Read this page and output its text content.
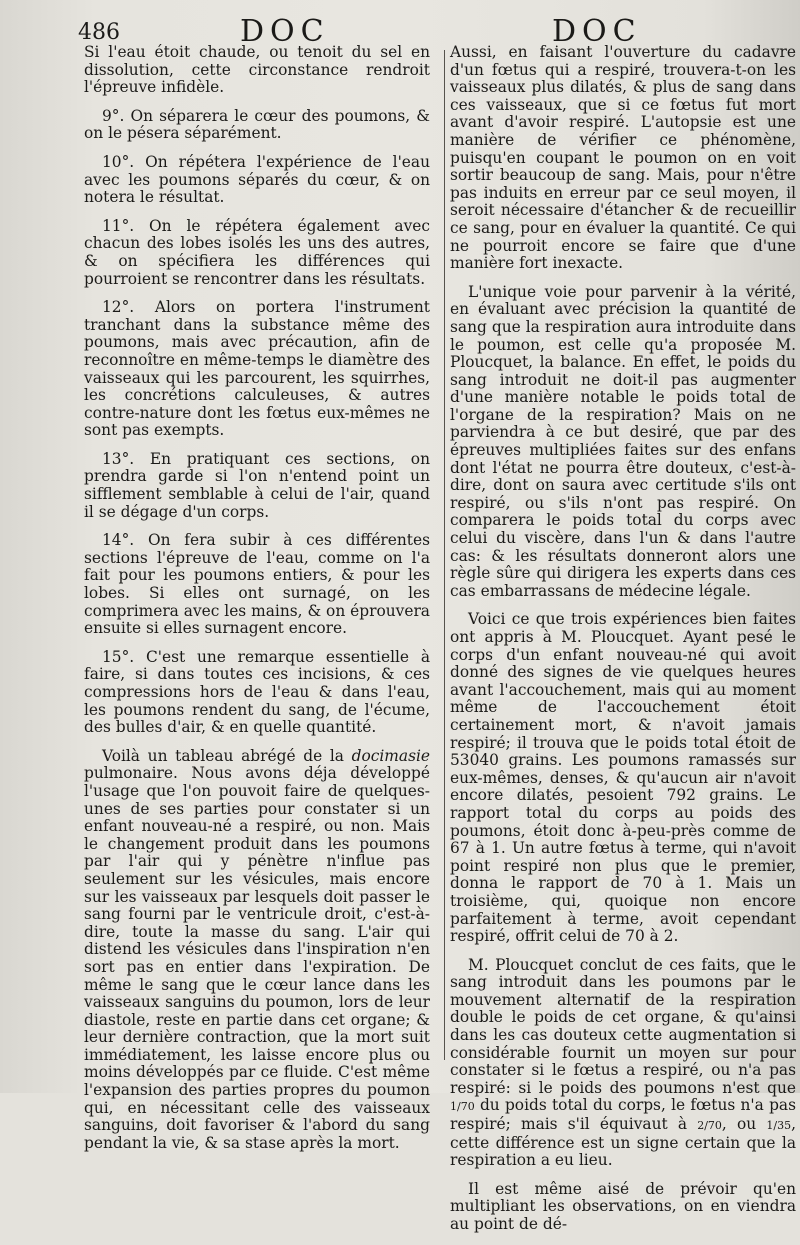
486	DOC	DOC

Si l'eau étoit chaude, ou tenoit du sel en dissolution, cette circonstance rendroit l'épreuve infidèle.

9°. On séparera le cœur des poumons, & on le pésera séparément.

10°. On répétera l'expérience de l'eau avec les poumons séparés du cœur, & on notera le résultat.

11°. On le répétera également avec chacun des lobes isolés les uns des autres, & on spécifiera les différences qui pourroient se rencontrer dans les résultats.

12°. Alors on portera l'instrument tranchant dans la substance même des poumons, mais avec précaution, afin de reconnoître en même-temps le diamètre des vaisseaux qui les parcourent, les squirrhes, les concrétions calculeuses, & autres contre-nature dont les fœtus eux-mêmes ne sont pas exempts.

13°. En pratiquant ces sections, on prendra garde si l'on n'entend point un sifflement semblable à celui de l'air, quand il se dégage d'un corps.

14°. On fera subir à ces différentes sections l'épreuve de l'eau, comme on l'a fait pour les poumons entiers, & pour les lobes. Si elles ont surnagé, on les comprimera avec les mains, & on éprouvera ensuite si elles surnagent encore.

15°. C'est une remarque essentielle à faire, si dans toutes ces incisions, & ces compressions hors de l'eau & dans l'eau, les poumons rendent du sang, de l'écume, des bulles d'air, & en quelle quantité.

Voilà un tableau abrégé de la docimasie pulmonaire. Nous avons déja développé l'usage que l'on pouvoit faire de quelques-unes de ses parties pour constater si un enfant nouveau-né a respiré, ou non. Mais le changement produit dans les poumons par l'air qui y pénètre n'influe pas seulement sur les vésicules, mais encore sur les vaisseaux par lesquels doit passer le sang fourni par le ventricule droit, c'est-à-dire, toute la masse du sang. L'air qui distend les vésicules dans l'inspiration n'en sort pas en entier dans l'expiration. De même le sang que le cœur lance dans les vaisseaux sanguins du poumon, lors de leur diastole, reste en partie dans cet organe; & leur dernière contraction, que la mort suit immédiatement, les laisse encore plus ou moins développés par ce fluide. C'est même l'expansion des parties propres du poumon qui, en nécessitant celle des vaisseaux sanguins, doit favoriser & l'abord du sang pendant la vie, & sa stase après la mort.

Aussi, en faisant l'ouverture du cadavre d'un fœtus qui a respiré, trouvera-t-on les vaisseaux plus dilatés, & plus de sang dans ces vaisseaux, que si ce fœtus fut mort avant d'avoir respiré. L'autopsie est une manière de vérifier ce phénomène, puisqu'en coupant le poumon on en voit sortir beaucoup de sang. Mais, pour n'être pas induits en erreur par ce seul moyen, il seroit nécessaire d'étancher & de recueillir ce sang, pour en évaluer la quantité. Ce qui ne pourroit encore se faire que d'une manière fort inexacte.

L'unique voie pour parvenir à la vérité, en évaluant avec précision la quantité de sang que la respiration aura introduite dans le poumon, est celle qu'a proposée M. Ploucquet, la balance. En effet, le poids du sang introduit ne doit-il pas augmenter d'une manière notable le poids total de l'organe de la respiration? Mais on ne parviendra à ce but desiré, que par des épreuves multipliées faites sur des enfans dont l'état ne pourra être douteux, c'est-à-dire, dont on saura avec certitude s'ils ont respiré, ou s'ils n'ont pas respiré. On comparera le poids total du corps avec celui du viscère, dans l'un & dans l'autre cas: & les résultats donneront alors une règle sûre qui dirigera les experts dans ces cas embarrassans de médecine légale.

Voici ce que trois expériences bien faites ont appris à M. Ploucquet. Ayant pesé le corps d'un enfant nouveau-né qui avoit donné des signes de vie quelques heures avant l'accouchement, mais qui au moment même de l'accouchement étoit certainement mort, & n'avoit jamais respiré; il trouva que le poids total étoit de 53040 grains. Les poumons ramassés sur eux-mêmes, denses, & qu'aucun air n'avoit encore dilatés, pesoient 792 grains. Le rapport total du corps au poids des poumons, étoit donc à-peu-près comme de 67 à 1. Un autre fœtus à terme, qui n'avoit point respiré non plus que le premier, donna le rapport de 70 à 1. Mais un troisième, qui, quoique non encore parfaitement à terme, avoit cependant respiré, offrit celui de 70 à 2.

M. Ploucquet conclut de ces faits, que le sang introduit dans les poumons par le mouvement alternatif de la respiration double le poids de cet organe, & qu'ainsi dans les cas douteux cette augmentation si considérable fournit un moyen sur pour constater si le fœtus a respiré, ou n'a pas respiré: si le poids des poumons n'est que 1/70 du poids total du corps, le fœtus n'a pas respiré; mais s'il équivaut à 2/70, ou 1/35, cette différence est un signe certain que la respiration a eu lieu.

Il est même aisé de prévoir qu'en multipliant les observations, on en viendra au point de dé-
